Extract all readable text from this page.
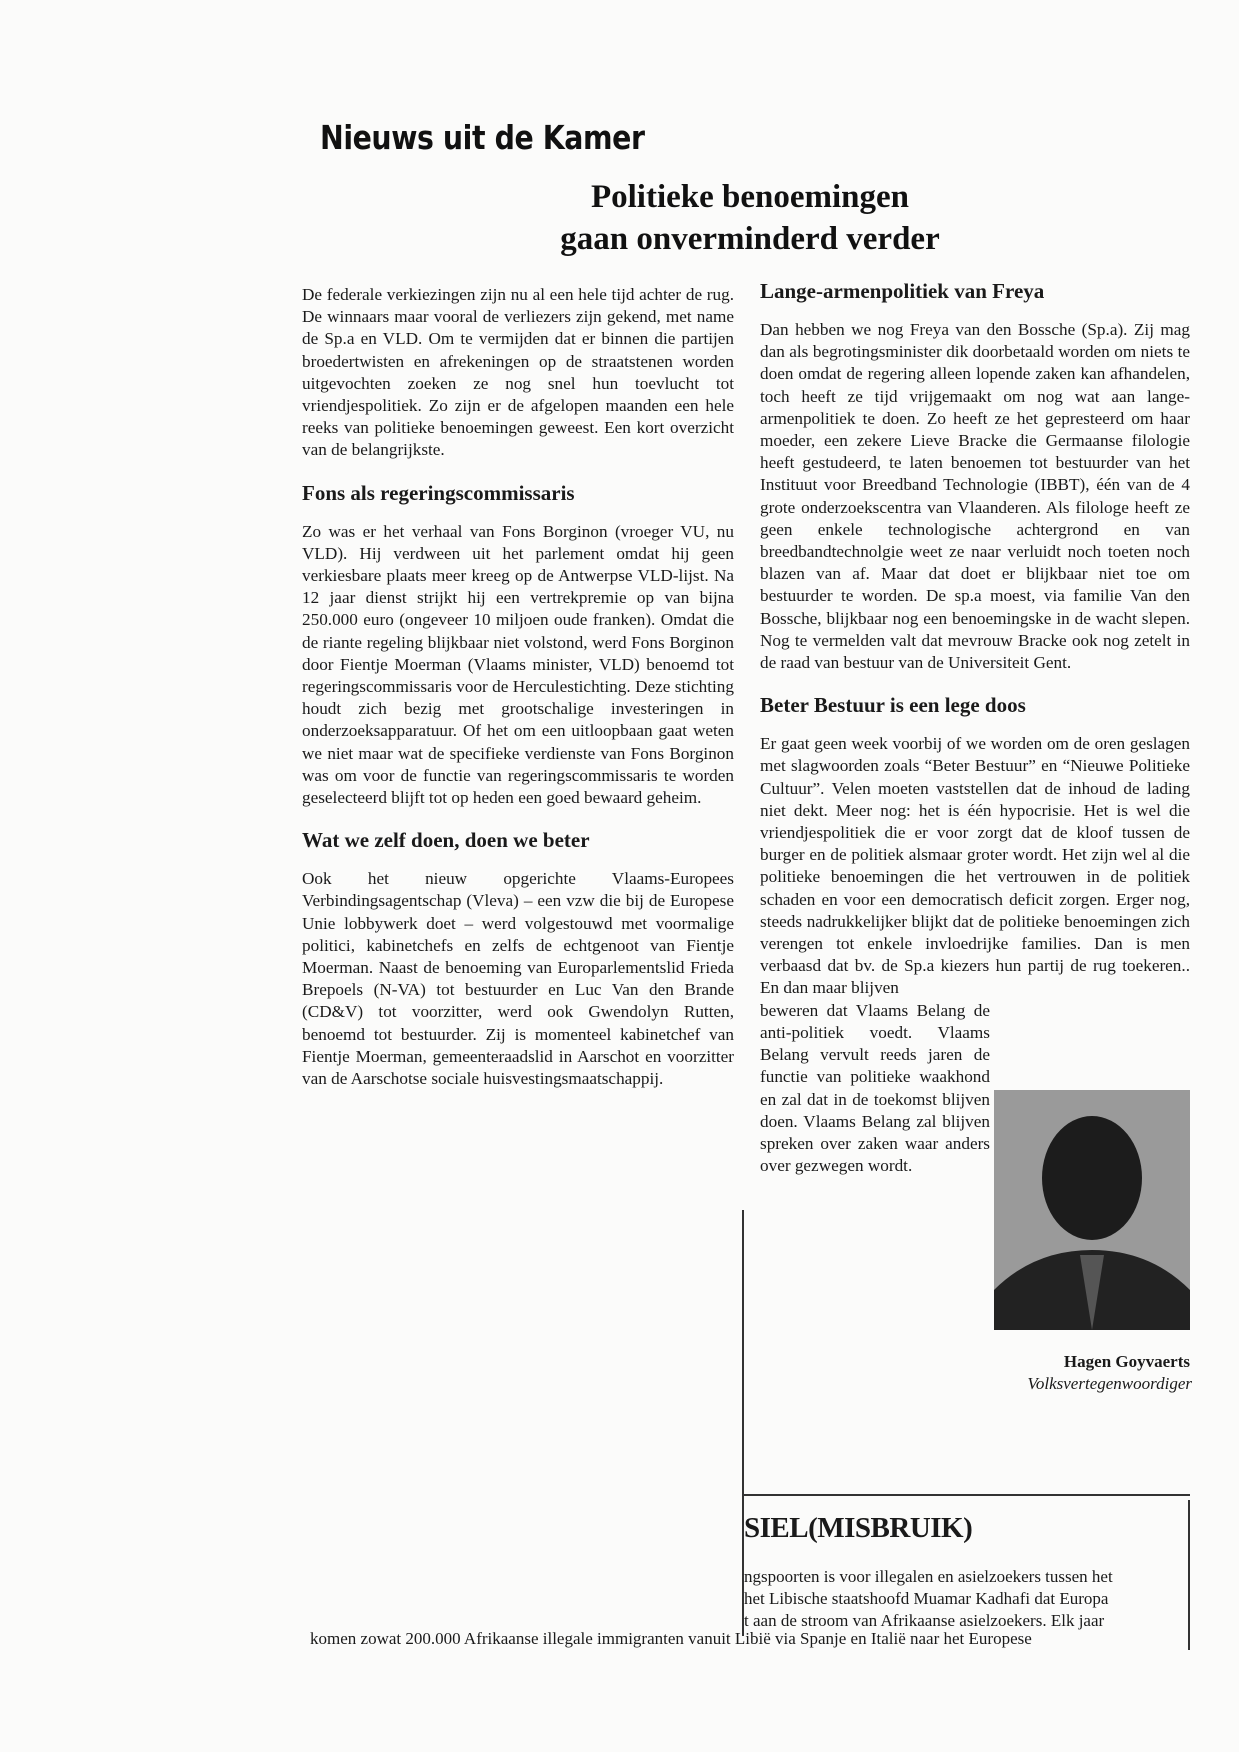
Nieuws uit de Kamer
Politieke benoemingen
gaan onverminderd verder

De federale verkiezingen zijn nu al een hele tijd achter de rug. De winnaars maar vooral de verliezers zijn gekend, met name de Sp.a en VLD. Om te vermijden dat er binnen die partijen broedertwisten en afrekeningen op de straatstenen worden uitgevochten zoeken ze nog snel hun toevlucht tot vriendjespolitiek. Zo zijn er de afgelopen maanden een hele reeks van politieke benoemingen geweest. Een kort overzicht van de belangrijkste.

Fons als regeringscommissaris

Zo was er het verhaal van Fons Borginon (vroeger VU, nu VLD). Hij verdween uit het parlement omdat hij geen verkiesbare plaats meer kreeg op de Antwerpse VLD-lijst. Na 12 jaar dienst strijkt hij een vertrekpremie op van bijna 250.000 euro (ongeveer 10 miljoen oude franken). Omdat die de riante regeling blijkbaar niet volstond, werd Fons Borginon door Fientje Moerman (Vlaams minister, VLD) benoemd tot regeringscommissaris voor de Herculestichting. Deze stichting houdt zich bezig met grootschalige investeringen in onderzoeksapparatuur. Of het om een uitloopbaan gaat weten we niet maar wat de specifieke verdienste van Fons Borginon was om voor de functie van regeringscommissaris te worden geselecteerd blijft tot op heden een goed bewaard geheim.

Wat we zelf doen, doen we beter

Ook het nieuw opgerichte Vlaams-Europees Verbindingsagentschap (Vleva) – een vzw die bij de Europese Unie lobbywerk doet – werd volgestouwd met voormalige politici, kabinetchefs en zelfs de echtgenoot van Fientje Moerman. Naast de benoeming van Europarlementslid Frieda Brepoels (N-VA) tot bestuurder en Luc Van den Brande (CD&V) tot voorzitter, werd ook Gwendolyn Rutten, benoemd tot bestuurder. Zij is momenteel kabinetchef van Fientje Moerman, gemeenteraadslid in Aarschot en voorzitter van de Aarschotse sociale huisvestingsmaatschappij.

Lange-armenpolitiek van Freya

Dan hebben we nog Freya van den Bossche (Sp.a). Zij mag dan als begrotingsminister dik doorbetaald worden om niets te doen omdat de regering alleen lopende zaken kan afhandelen, toch heeft ze tijd vrijgemaakt om nog wat aan lange-armenpolitiek te doen. Zo heeft ze het gepresteerd om haar moeder, een zekere Lieve Bracke die Germaanse filologie heeft gestudeerd, te laten benoemen tot bestuurder van het Instituut voor Breedband Technologie (IBBT), één van de 4 grote onderzoekscentra van Vlaanderen. Als filologe heeft ze geen enkele technologische achtergrond en van breedbandtechnolgie weet ze naar verluidt noch toeten noch blazen van af. Maar dat doet er blijkbaar niet toe om bestuurder te worden. De sp.a moest, via familie Van den Bossche, blijkbaar nog een benoemingske in de wacht slepen. Nog te vermelden valt dat mevrouw Bracke ook nog zetelt in de raad van bestuur van de Universiteit Gent.

Beter Bestuur is een lege doos

Er gaat geen week voorbij of we worden om de oren geslagen met slagwoorden zoals “Beter Bestuur” en “Nieuwe Politieke Cultuur”. Velen moeten vaststellen dat de inhoud de lading niet dekt. Meer nog: het is één hypocrisie. Het is wel die vriendjespolitiek die er voor zorgt dat de kloof tussen de burger en de politiek alsmaar groter wordt. Het zijn wel al die politieke benoemingen die het vertrouwen in de politiek schaden en voor een democratisch deficit zorgen. Erger nog, steeds nadrukkelijker blijkt dat de politieke benoemingen zich verengen tot enkele invloedrijke families. Dan is men verbaasd dat bv. de Sp.a kiezers hun partij de rug toekeren.. En dan maar blijven

beweren dat Vlaams Belang de anti-politiek voedt. Vlaams Belang vervult reeds jaren de functie van politieke waakhond en zal dat in de toekomst blijven doen. Vlaams Belang zal blijven spreken over zaken waar anders over gezwegen wordt.

Hagen Goyvaerts
Volksvertegenwoordiger
SIEL(MISBRUIK)
ngspoorten is voor illegalen en asielzoekers tussen het
het Libische staatshoofd Muamar Kadhafi dat Europa
t aan de stroom van Afrikaanse asielzoekers. Elk jaar
komen zowat 200.000 Afrikaanse illegale immigranten vanuit Libië via Spanje en Italië naar het Europese
